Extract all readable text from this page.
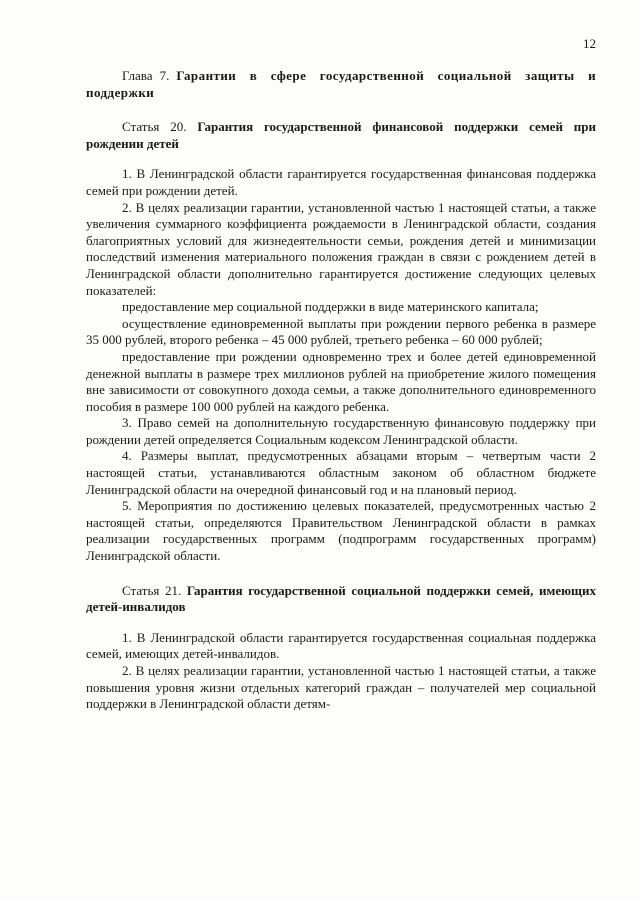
12

Глава 7. Гарантии в сфере государственной социальной защиты и поддержки

Статья 20. Гарантия государственной финансовой поддержки семей при рождении детей

1. В Ленинградской области гарантируется государственная финансовая поддержка семей при рождении детей.

2. В целях реализации гарантии, установленной частью 1 настоящей статьи, а также увеличения суммарного коэффициента рождаемости в Ленинградской области, создания благоприятных условий для жизнедеятельности семьи, рождения детей и минимизации последствий изменения материального положения граждан в связи с рождением детей в Ленинградской области дополнительно гарантируется достижение следующих целевых показателей:

предоставление мер социальной поддержки в виде материнского капитала;

осуществление единовременной выплаты при рождении первого ребенка в размере 35 000 рублей, второго ребенка – 45 000 рублей, третьего ребенка – 60 000 рублей;

предоставление при рождении одновременно трех и более детей единовременной денежной выплаты в размере трех миллионов рублей на приобретение жилого помещения вне зависимости от совокупного дохода семьи, а также дополнительного единовременного пособия в размере 100 000 рублей на каждого ребенка.

3. Право семей на дополнительную государственную финансовую поддержку при рождении детей определяется Социальным кодексом Ленинградской области.

4. Размеры выплат, предусмотренных абзацами вторым – четвертым части 2 настоящей статьи, устанавливаются областным законом об областном бюджете Ленинградской области на очередной финансовый год и на плановый период.

5. Мероприятия по достижению целевых показателей, предусмотренных частью 2 настоящей статьи, определяются Правительством Ленинградской области в рамках реализации государственных программ (подпрограмм государственных программ) Ленинградской области.

Статья 21. Гарантия государственной социальной поддержки семей, имеющих детей-инвалидов

1. В Ленинградской области гарантируется государственная социальная поддержка семей, имеющих детей-инвалидов.

2. В целях реализации гарантии, установленной частью 1 настоящей статьи, а также повышения уровня жизни отдельных категорий граждан – получателей мер социальной поддержки в Ленинградской области детям-
